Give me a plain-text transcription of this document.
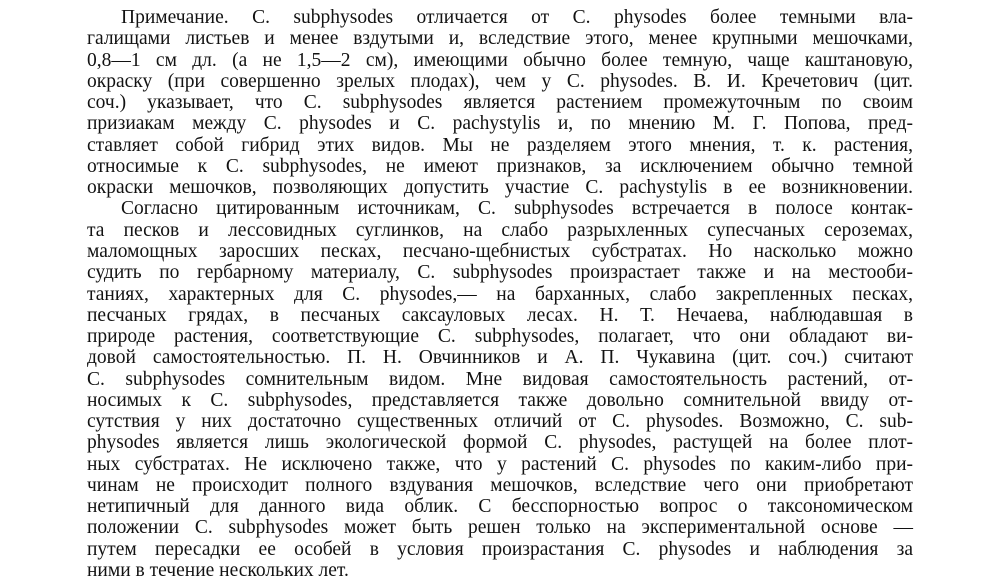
Примечание. С. subphysodes отличается от С. physodes более темными вла-
галищами листьев и менее вздутыми и, вследствие этого, менее крупными мешочками,
0,8—1 см дл. (а не 1,5—2 см), имеющими обычно более темную, чаще каштановую,
окраску (при совершенно зрелых плодах), чем у С. physodes. В. И. Кречетович (цит.
соч.) указывает, что С. subphysodes является растением промежуточным по своим
призиакам между С. physodes и С. pachystylis и, по мнению М. Г. Попова, пред-
ставляет собой гибрид этих видов. Мы не разделяем этого мнения, т. к. растения,
относимые к С. subphysodes, не имеют признаков, за исключением обычно темной
окраски мешочков, позволяющих допустить участие С. pachystylis в ее возникновении.
Согласно цитированным источникам, С. subphysodes встречается в полосе контак-
та песков и лессовидных суглинков, на слабо разрыхленных супесчаных сероземах,
маломощных заросших песках, песчано-щебнистых субстратах. Но насколько можно
судить по гербарному материалу, С. subphysodes произрастает также и на местооби-
таниях, характерных для С. physodes,— на барханных, слабо закрепленных песках,
песчаных грядах, в песчаных саксауловых лесах. Н. Т. Нечаева, наблюдавшая в
природе растения, соответствующие С. subphysodes, полагает, что они обладают ви-
довой самостоятельностью. П. Н. Овчинников и А. П. Чукавина (цит. соч.) считают
С. subphysodes сомнительным видом. Мне видовая самостоятельность растений, от-
носимых к С. subphysodes, представляется также довольно сомнительной ввиду от-
сутствия у них достаточно существенных отличий от С. physodes. Возможно, С. sub-
physodes является лишь экологической формой С. physodes, растущей на более плот-
ных субстратах. Не исключено также, что у растений С. physodes по каким-либо при-
чинам не происходит полного вздувания мешочков, вследствие чего они приобретают
нетипичный для данного вида облик. С бесспорностью вопрос о таксономическом
положении С. subphysodes может быть решен только на экспериментальной основе —
путем пересадки ее особей в условия произрастания С. physodes и наблюдения за
ними в течение нескольких лет.
